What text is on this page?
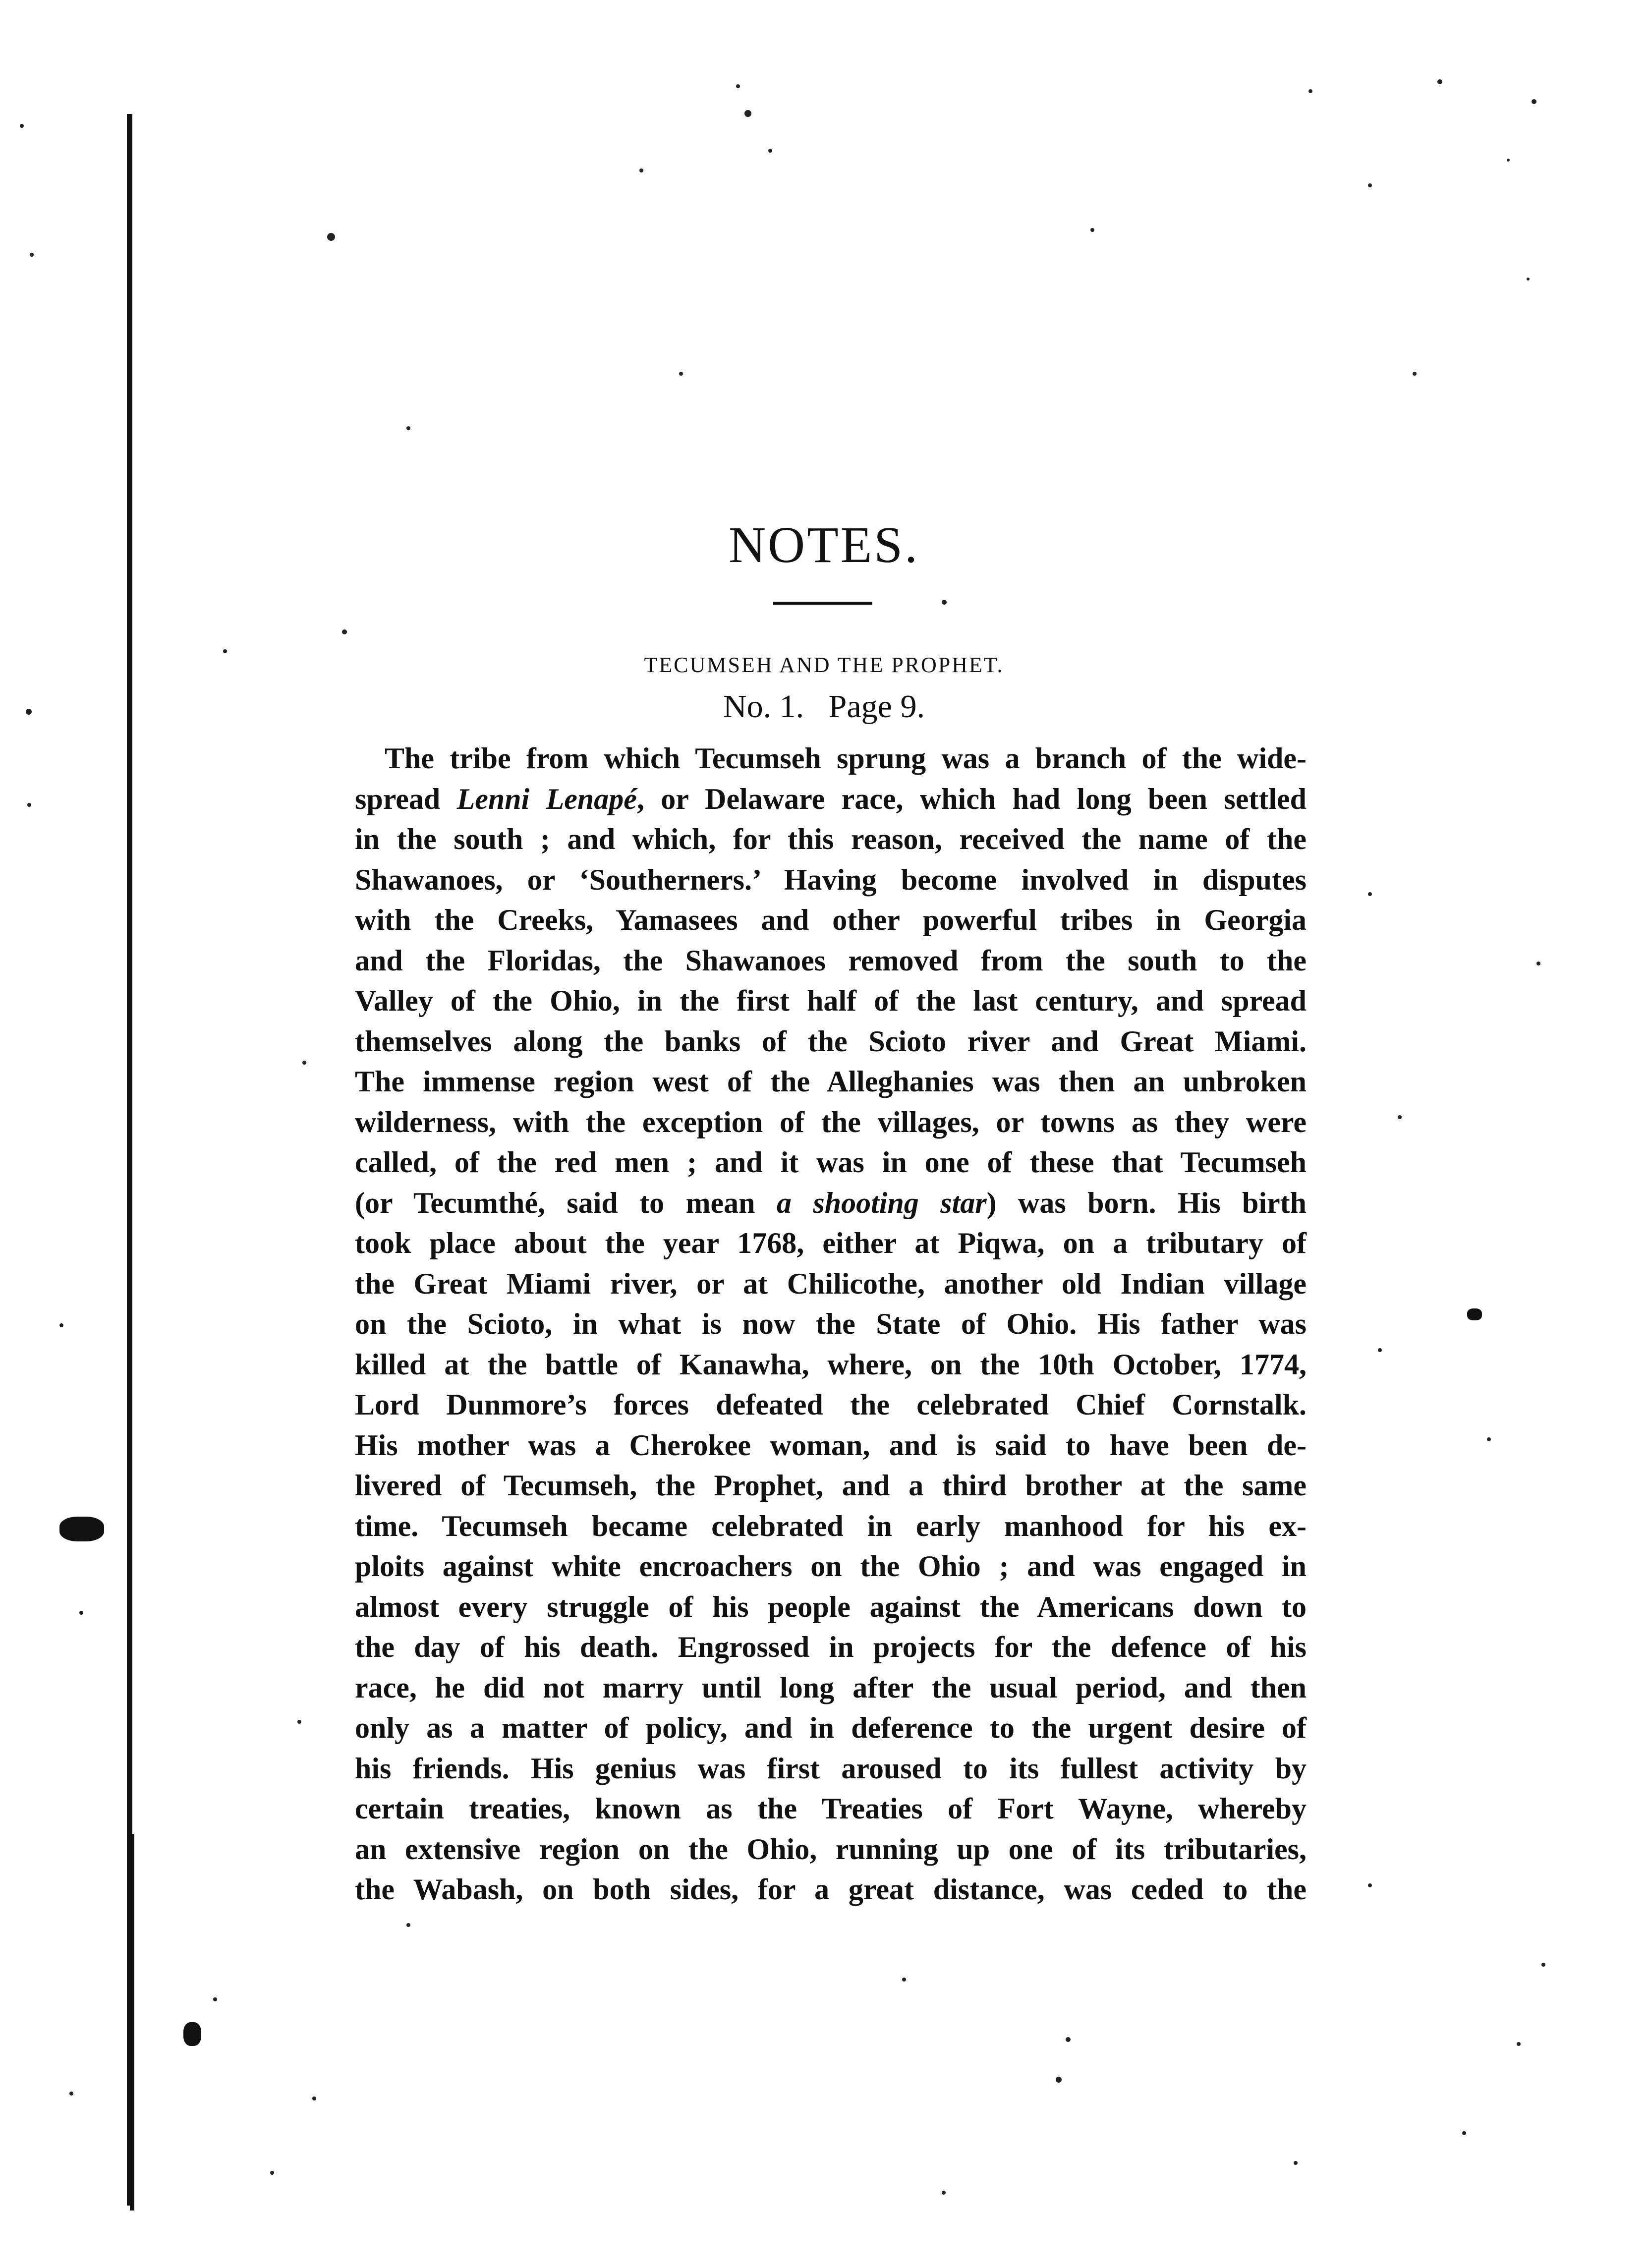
NOTES.
TECUMSEH AND THE PROPHET.

No. 1.   Page 9.

The tribe from which Tecumseh sprung was a branch of the wide-
spread Lenni Lenapé, or Delaware race, which had long been settled
in the south ; and which, for this reason, received the name of the
Shawanoes, or ‘Southerners.’ Having become involved in disputes
with the Creeks, Yamasees and other powerful tribes in Georgia
and the Floridas, the Shawanoes removed from the south to the
Valley of the Ohio, in the first half of the last century, and spread
themselves along the banks of the Scioto river and Great Miami.
The immense region west of the Alleghanies was then an unbroken
wilderness, with the exception of the villages, or towns as they were
called, of the red men ; and it was in one of these that Tecumseh
(or Tecumthé, said to mean a shooting star) was born. His birth
took place about the year 1768, either at Piqwa, on a tributary of
the Great Miami river, or at Chilicothe, another old Indian village
on the Scioto, in what is now the State of Ohio. His father was
killed at the battle of Kanawha, where, on the 10th October, 1774,
Lord Dunmore’s forces defeated the celebrated Chief Cornstalk.
His mother was a Cherokee woman, and is said to have been de-
livered of Tecumseh, the Prophet, and a third brother at the same
time. Tecumseh became celebrated in early manhood for his ex-
ploits against white encroachers on the Ohio ; and was engaged in
almost every struggle of his people against the Americans down to
the day of his death. Engrossed in projects for the defence of his
race, he did not marry until long after the usual period, and then
only as a matter of policy, and in deference to the urgent desire of
his friends. His genius was first aroused to its fullest activity by
certain treaties, known as the Treaties of Fort Wayne, whereby
an extensive region on the Ohio, running up one of its tributaries,
the Wabash, on both sides, for a great distance, was ceded to the
